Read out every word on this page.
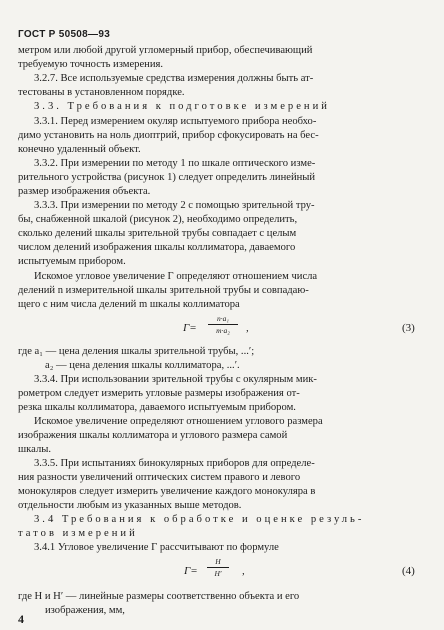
ГОСТ Р 50508—93
метром или любой другой угломерный прибор, обеспечивающий
требуемую точность измерения.
3.2.7. Все используемые средства измерения должны быть ат-
тестованы в установленном порядке.
3.3. Требования к подготовке измерений
3.3.1. Перед измерением окуляр испытуемого прибора необхо-
димо установить на ноль диоптрий, прибор сфокусировать на бес-
конечно удаленный объект.
3.3.2. При измерении по методу 1 по шкале оптического изме-
рительного устройства (рисунок 1) следует определить линейный
размер изображения объекта.
3.3.3. При измерении по методу 2 с помощью зрительной тру-
бы, снабженной шкалой (рисунок 2), необходимо определить,
сколько делений шкалы зрительной трубы совпадает с целым
числом делений изображения шкалы коллиматора, даваемого
испытуемым прибором.
Искомое угловое увеличение Г определяют отношением числа
делений n измерительной шкалы зрительной трубы и совпадаю-
щего с ним числа делений m шкалы коллиматора
Г=
n·a₁
m·a₂	,	(3)
где a₁ — цена деления шкалы зрительной трубы, ...′;
a₂ — цена деления шкалы коллиматора, ...′.
3.3.4. При использовании зрительной трубы с окулярным мик-
рометром следует измерить угловые размеры изображения от-
резка шкалы коллиматора, даваемого испытуемым прибором.
Искомое увеличение определяют отношением углового размера
изображения шкалы коллиматора и углового размера самой
шкалы.
3.3.5. При испытаниях бинокулярных приборов для определе-
ния разности увеличений оптических систем правого и левого
монокуляров следует измерить увеличение каждого монокуляра в
отдельности любым из указанных выше методов.
3.4 Требования к обработке и оценке резуль-
татов измерений
3.4.1 Угловое увеличение Г рассчитывают по формуле
Г=
H
H′	,	(4)
где H и H′ — линейные размеры соответственно объекта и его
изображения, мм,
4
